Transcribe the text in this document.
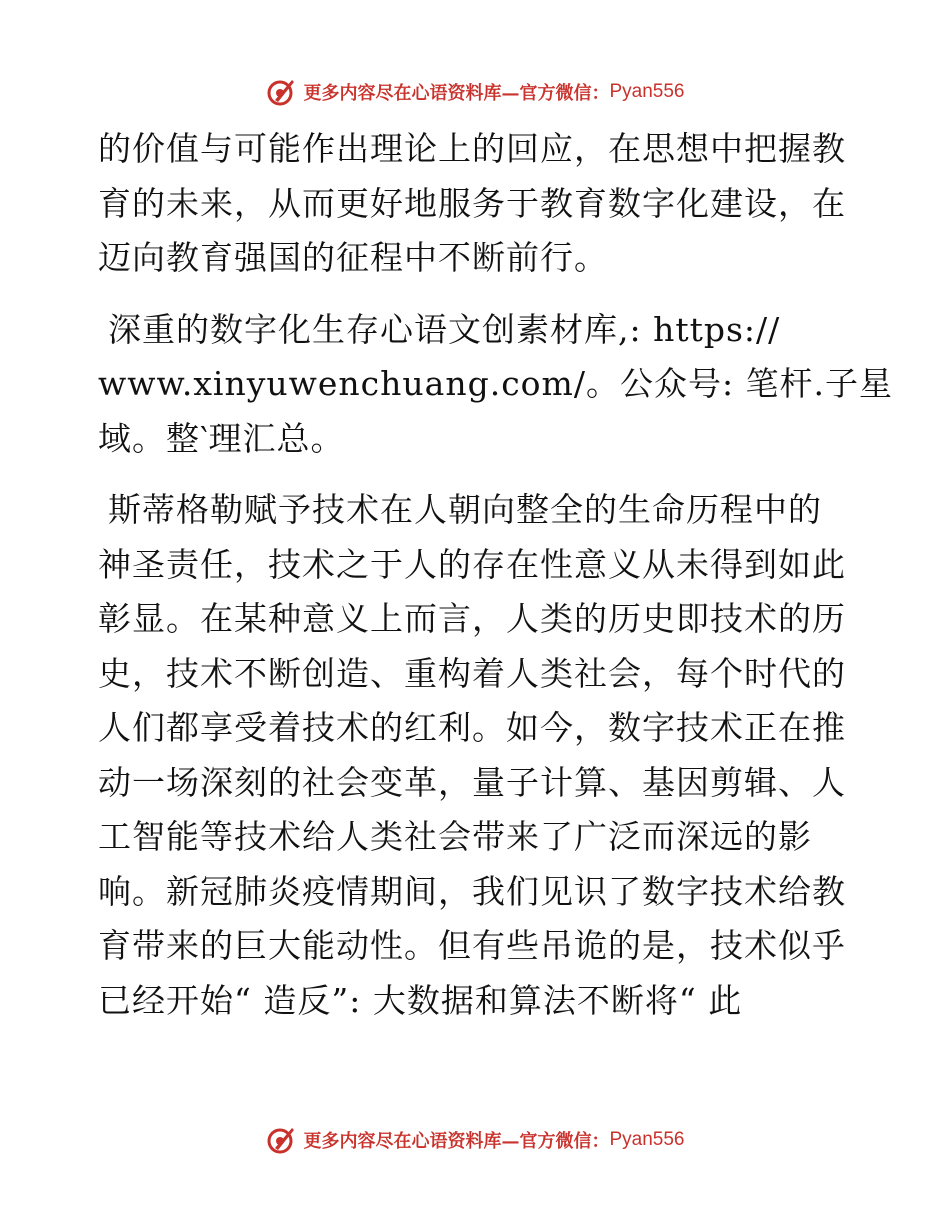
更多内容尽在心语资料库—官方微信： Pyan556
的价值与可能作出理论上的回应，在思想中把握教
育的未来，从而更好地服务于教育数字化建设，在
迈向教育强国的征程中不断前行。
深重的数字化生存心语文创素材库,: https://
www.xinyuwenchuang.com/。公众号: 笔杆.子星
域。整‵理汇总。
斯蒂格勒赋予技术在人朝向整全的生命历程中的
神圣责任，技术之于人的存在性意义从未得到如此
彰显。在某种意义上而言，人类的历史即技术的历
史，技术不断创造、重构着人类社会，每个时代的
人们都享受着技术的红利。如今，数字技术正在推
动一场深刻的社会变革，量子计算、基因剪辑、人
工智能等技术给人类社会带来了广泛而深远的影
响。新冠肺炎疫情期间，我们见识了数字技术给教
育带来的巨大能动性。但有些吊诡的是，技术似乎
已经开始“ 造反”: 大数据和算法不断将“ 此
更多内容尽在心语资料库—官方微信： Pyan556
